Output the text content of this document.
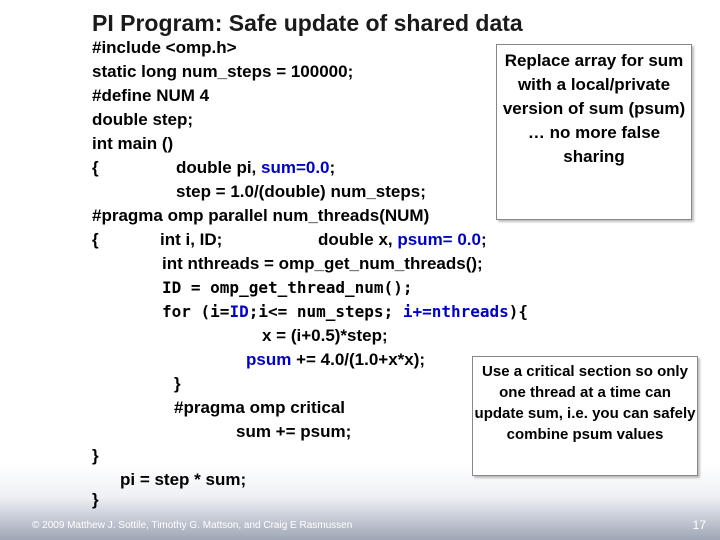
PI Program: Safe update of shared data
#include <omp.h>
static long num_steps = 100000;
#define NUM 4
double step;
int main ()
{	double pi, sum=0.0;
step = 1.0/(double) num_steps;
#pragma omp parallel num_threads(NUM)
{	int i, ID;	double x, psum= 0.0;
int nthreads = omp_get_num_threads();
ID = omp_get_thread_num();
for (i=ID;i<= num_steps; i+=nthreads){
x = (i+0.5)*step;
psum += 4.0/(1.0+x*x);
}
#pragma omp critical
sum += psum;
}
pi = step * sum;
}
Replace array for sum with a local/private version of sum (psum) … no more false sharing
Use a critical section so only one thread at a time can update sum, i.e. you can safely combine psum values
© 2009 Matthew J. Sottile, Timothy G. Mattson, and Craig E Rasmussen	17
